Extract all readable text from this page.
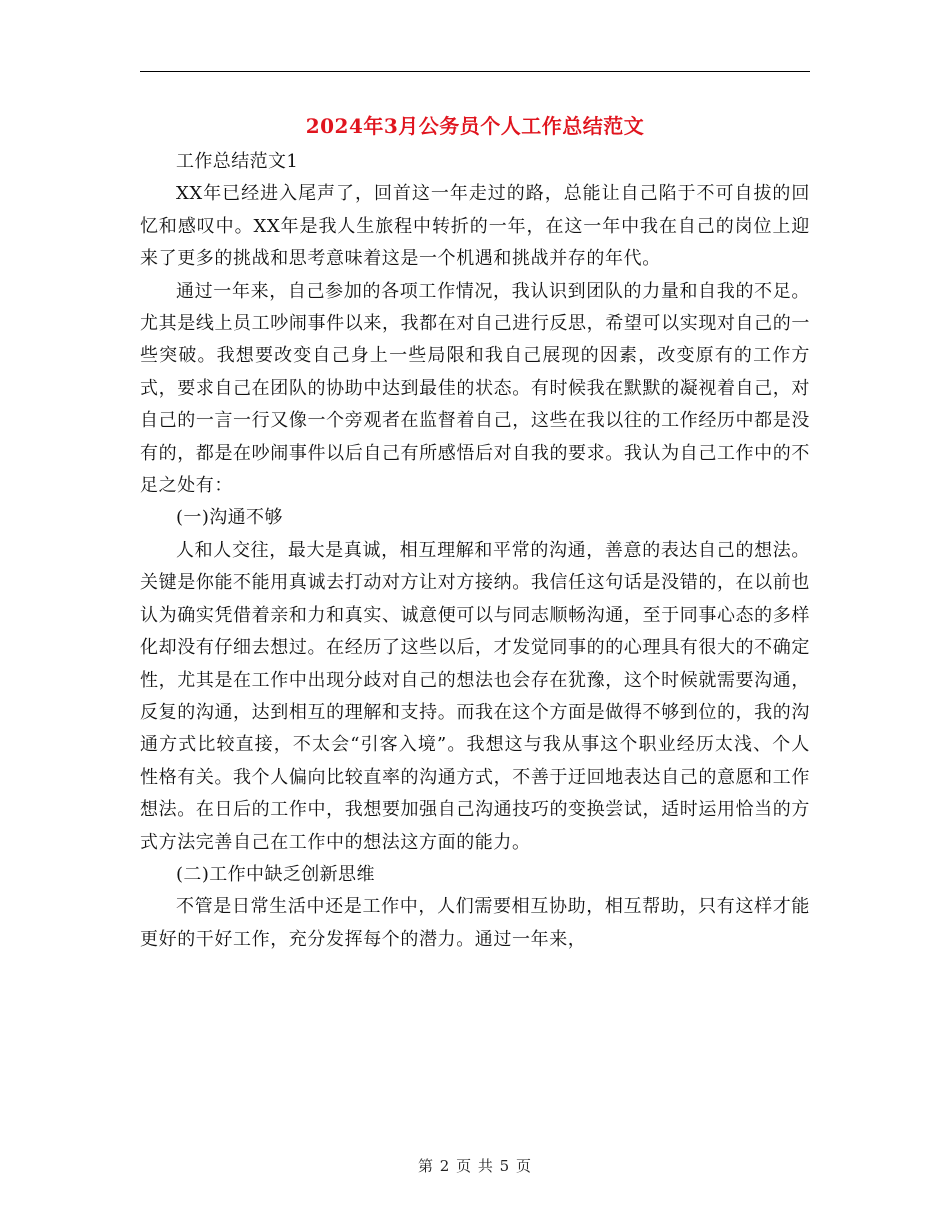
2024年3月公务员个人工作总结范文

工作总结范文1

XX年已经进入尾声了，回首这一年走过的路，总能让自己陷于不可自拔的回忆和感叹中。XX年是我人生旅程中转折的一年，在这一年中我在自己的岗位上迎来了更多的挑战和思考意味着这是一个机遇和挑战并存的年代。

通过一年来，自己参加的各项工作情况，我认识到团队的力量和自我的不足。尤其是线上员工吵闹事件以来，我都在对自己进行反思，希望可以实现对自己的一些突破。我想要改变自己身上一些局限和我自己展现的因素，改变原有的工作方式，要求自己在团队的协助中达到最佳的状态。有时候我在默默的凝视着自己，对自己的一言一行又像一个旁观者在监督着自己，这些在我以往的工作经历中都是没有的，都是在吵闹事件以后自己有所感悟后对自我的要求。我认为自己工作中的不足之处有：

(一)沟通不够

人和人交往，最大是真诚，相互理解和平常的沟通，善意的表达自己的想法。关键是你能不能用真诚去打动对方让对方接纳。我信任这句话是没错的，在以前也认为确实凭借着亲和力和真实、诚意便可以与同志顺畅沟通，至于同事心态的多样化却没有仔细去想过。在经历了这些以后，才发觉同事的的心理具有很大的不确定性，尤其是在工作中出现分歧对自己的想法也会存在犹豫，这个时候就需要沟通，反复的沟通，达到相互的理解和支持。而我在这个方面是做得不够到位的，我的沟通方式比较直接，不太会“引客入境”。我想这与我从事这个职业经历太浅、个人性格有关。我个人偏向比较直率的沟通方式，不善于迂回地表达自己的意愿和工作想法。在日后的工作中，我想要加强自己沟通技巧的变换尝试，适时运用恰当的方式方法完善自己在工作中的想法这方面的能力。

(二)工作中缺乏创新思维

不管是日常生活中还是工作中，人们需要相互协助，相互帮助，只有这样才能更好的干好工作，充分发挥每个的潜力。通过一年来，

第 2 页 共 5 页
